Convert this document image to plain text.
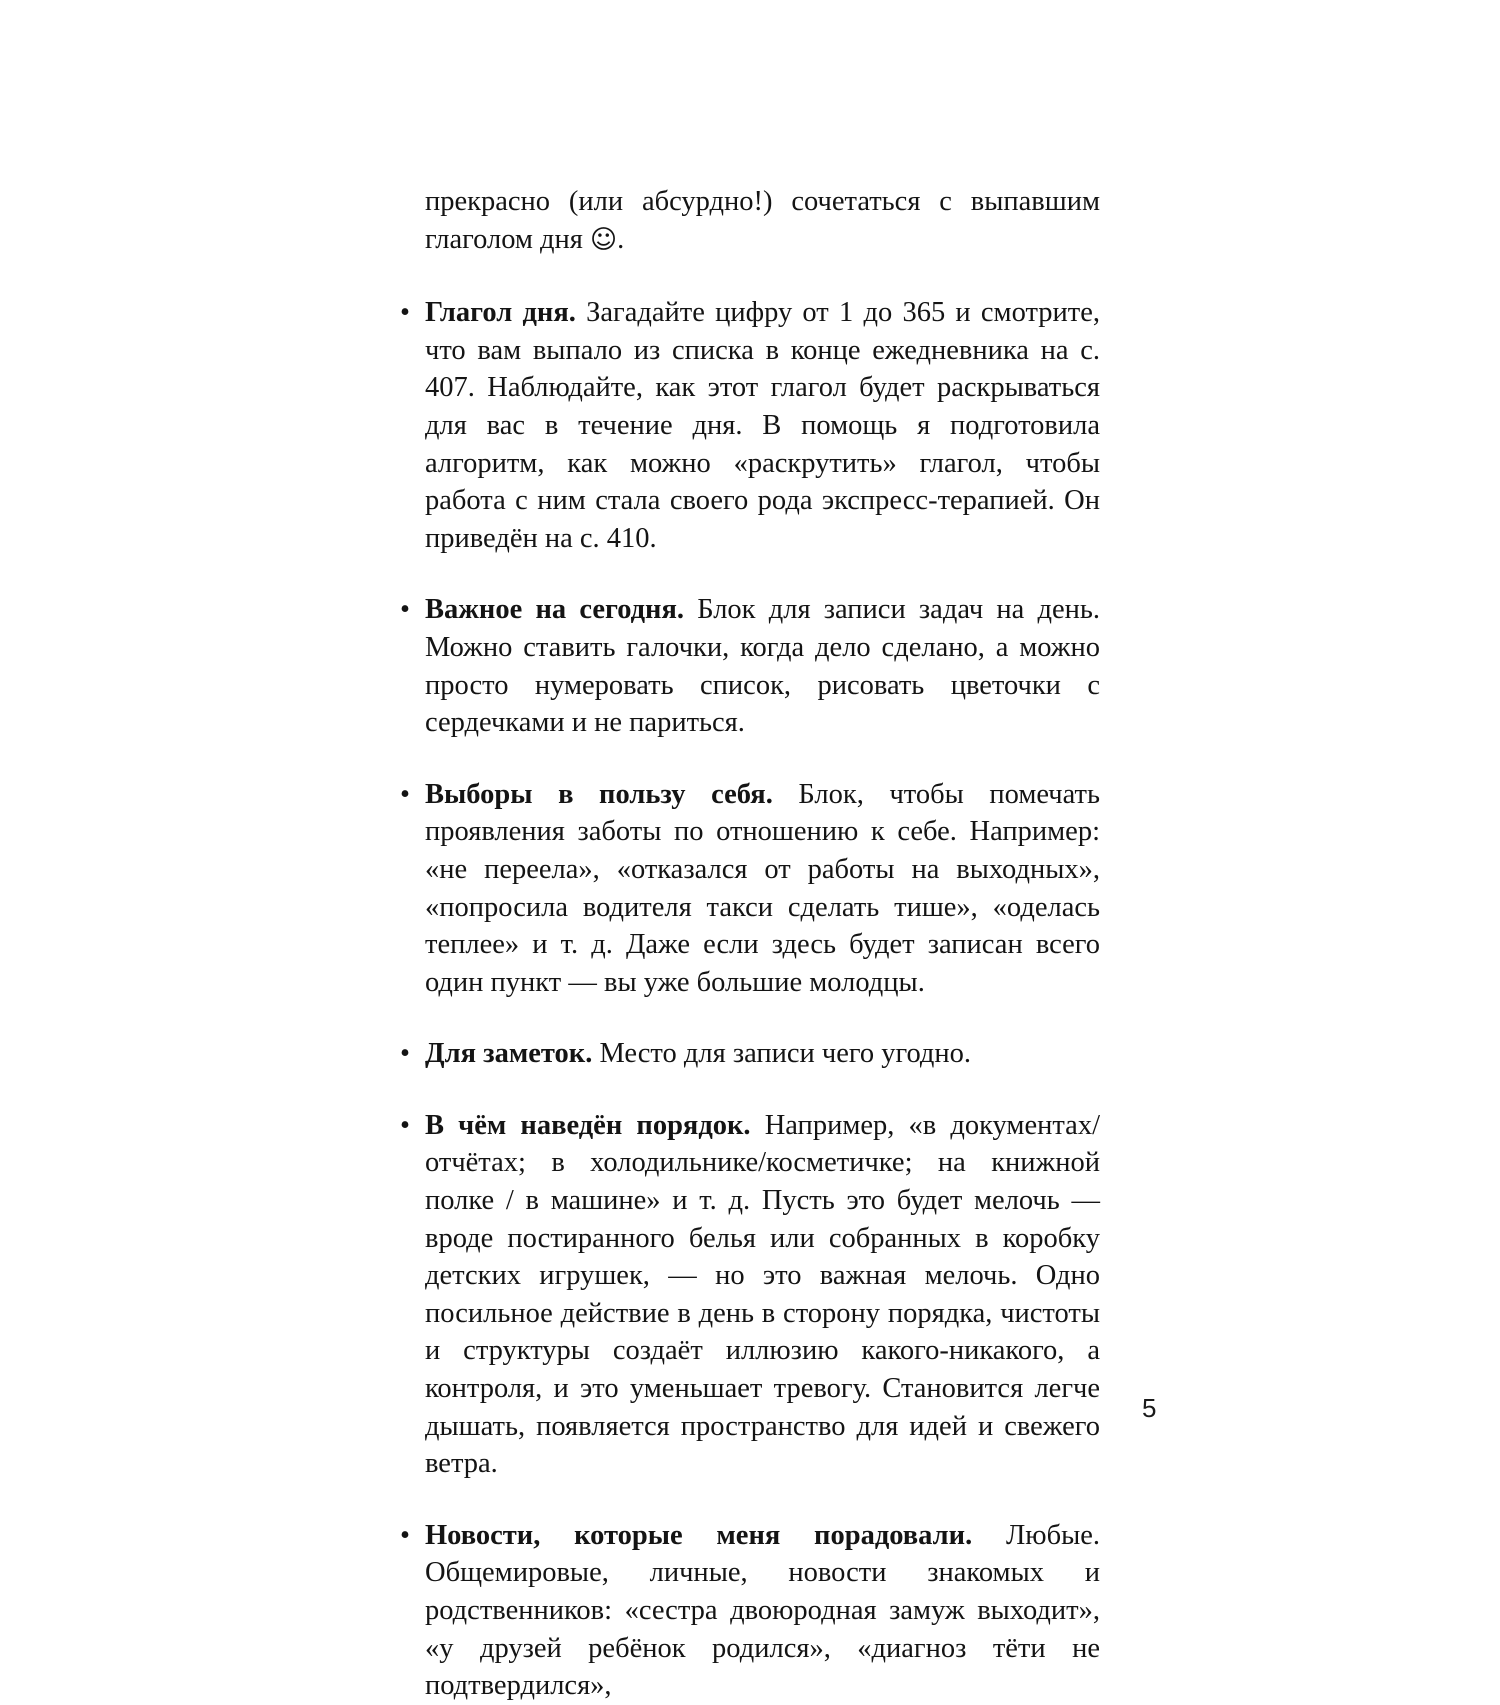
прекрасно (или абсурдно!) сочетаться с выпавшим глаголом дня ☺.

• Глагол дня. Загадайте цифру от 1 до 365 и смотрите, что вам выпало из списка в конце ежедневника на с. 407. Наблюдайте, как этот глагол будет раскрываться для вас в течение дня. В помощь я подготовила алгоритм, как можно «раскрутить» глагол, чтобы работа с ним стала своего рода экспресс-терапией. Он приведён на с. 410.
• Важное на сегодня. Блок для записи задач на день. Можно ставить галочки, когда дело сделано, а можно просто нумеровать список, рисовать цветочки с сердечками и не париться.
• Выборы в пользу себя. Блок, чтобы помечать проявления заботы по отношению к себе. Например: «не переела», «отказался от работы на выходных», «попросила водителя такси сделать тише», «оделась теплее» и т. д. Даже если здесь будет записан всего один пункт — вы уже большие молодцы.
• Для заметок. Место для записи чего угодно.
• В чём наведён порядок. Например, «в документах/отчётах; в холодильнике/косметичке; на книжной полке / в машине» и т. д. Пусть это будет мелочь — вроде постиранного белья или собранных в коробку детских игрушек, — но это важная мелочь. Одно посильное действие в день в сторону порядка, чистоты и структуры создаёт иллюзию какого-никакого, а контроля, и это уменьшает тревогу. Становится легче дышать, появляется пространство для идей и свежего ветра.
• Новости, которые меня порадовали. Любые. Общемировые, личные, новости знакомых и родственников: «сестра двоюродная замуж выходит», «у друзей ребёнок родился», «диагноз тёти не подтвердился»,
5
